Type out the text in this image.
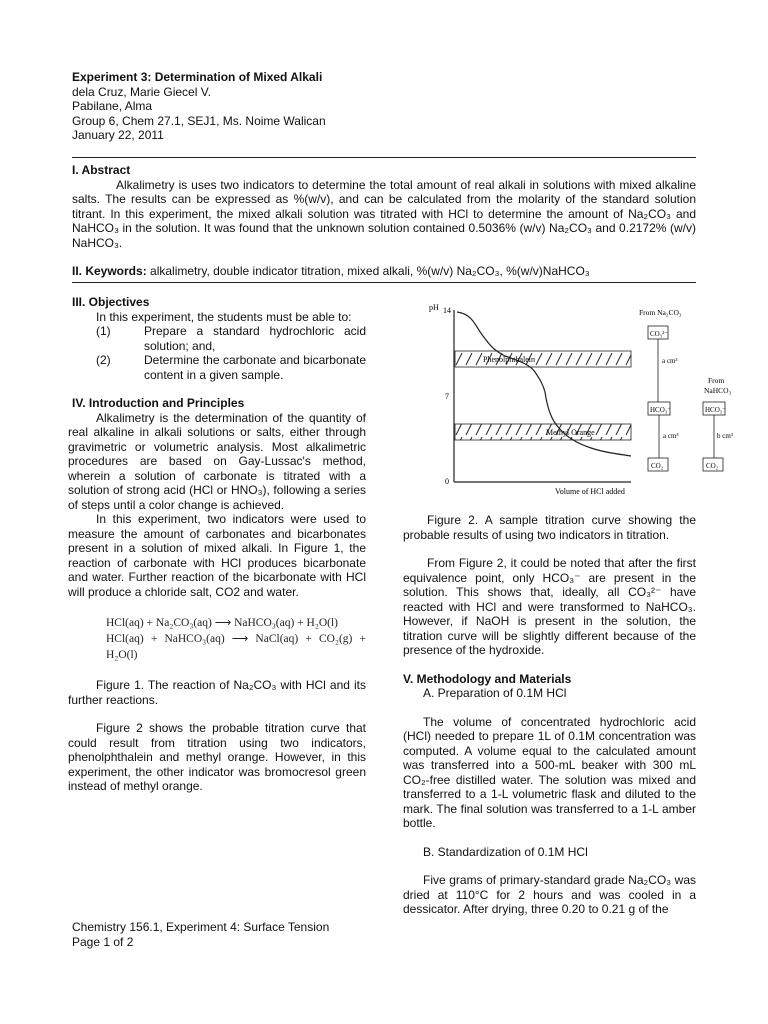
Experiment 3: Determination of Mixed Alkali
dela Cruz, Marie Giecel V.
Pabilane, Alma
Group 6, Chem 27.1, SEJ1, Ms. Noime Walican
January 22, 2011
I. Abstract

Alkalimetry is uses two indicators to determine the total amount of real alkali in solutions with mixed alkaline salts. The results can be expressed as %(w/v), and can be calculated from the molarity of the standard solution titrant. In this experiment, the mixed alkali solution was titrated with HCl to determine the amount of Na₂CO₃ and NaHCO₃ in the solution. It was found that the unknown solution contained 0.5036% (w/v) Na₂CO₃ and 0.2172% (w/v) NaHCO₃.

II. Keywords: alkalimetry, double indicator titration, mixed alkali, %(w/v) Na₂CO₃, %(w/v)NaHCO₃
III. Objectives

In this experiment, the students must be able to:

(1)	Prepare a standard hydrochloric acid solution; and,
(2)	Determine the carbonate and bicarbonate content in a given sample.
IV. Introduction and Principles

Alkalimetry is the determination of the quantity of real alkaline in alkali solutions or salts, either through gravimetric or volumetric analysis. Most alkalimetric procedures are based on Gay-Lussac's method, wherein a solution of carbonate is titrated with a solution of strong acid (HCl or HNO₃), following a series of steps until a color change is achieved.

In this experiment, two indicators were used to measure the amount of carbonates and bicarbonates present in a solution of mixed alkali. In Figure 1, the reaction of carbonate with HCl produces bicarbonate and water. Further reaction of the bicarbonate with HCl will produce a chloride salt, CO2 and water.

HCl(aq) + Na₂CO₃(aq) ⟶ NaHCO₃(aq) + H₂O(l)
HCl(aq) + NaHCO₃(aq) ⟶ NaCl(aq) + CO₂(g) + H₂O(l)

Figure 1. The reaction of Na₂CO₃ with HCl and its further reactions.

Figure 2 shows the probable titration curve that could result from titration using two indicators, phenolphthalein and methyl orange. However, in this experiment, the other indicator was bromocresol green instead of methyl orange.

pH 14
7
0
Volume of HCl added
Phenolphthalein
Methyl Orange
From Na₂CO₃
From
NaHCO₃
CO₃²⁻
a cm³
HCO₃⁻
a cm³
CO₂
HCO₃⁻
b cm³
CO₂

Figure 2. A sample titration curve showing the probable results of using two indicators in titration.

From Figure 2, it could be noted that after the first equivalence point, only HCO₃⁻ are present in the solution. This shows that, ideally, all CO₃²⁻ have reacted with HCl and were transformed to NaHCO₃. However, if NaOH is present in the solution, the titration curve will be slightly different because of the presence of the hydroxide.

V. Methodology and Materials
A. Preparation of 0.1M HCl

The volume of concentrated hydrochloric acid (HCl) needed to prepare 1L of 0.1M concentration was computed. A volume equal to the calculated amount was transferred into a 500-mL beaker with 300 mL CO₂-free distilled water. The solution was mixed and transferred to a 1-L volumetric flask and diluted to the mark. The final solution was transferred to a 1-L amber bottle.

B. Standardization of 0.1M HCl

Five grams of primary-standard grade Na₂CO₃ was dried at 110°C for 2 hours and was cooled in a dessicator. After drying, three 0.20 to 0.21 g of the

Chemistry 156.1, Experiment 4: Surface Tension
Page 1 of 2
